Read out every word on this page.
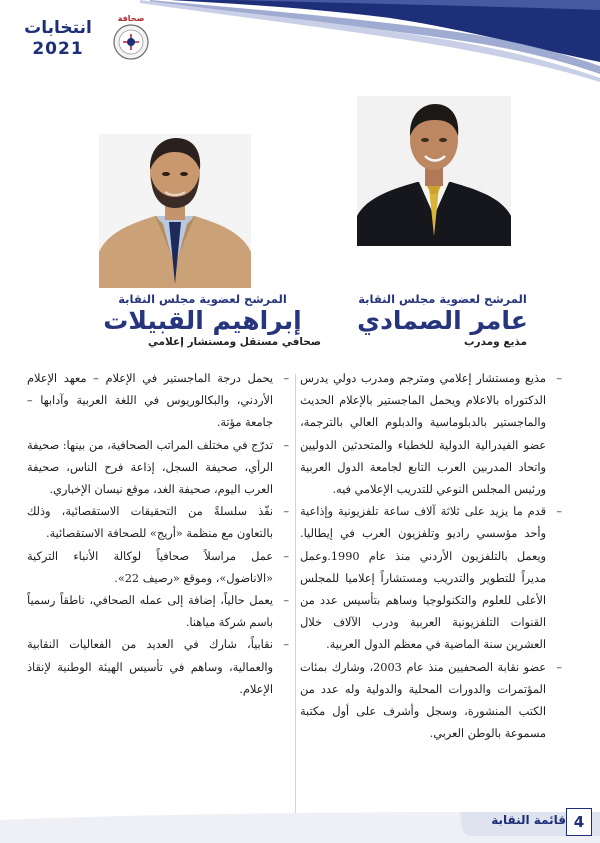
انتخابات
2021
صحافة
المرشح لعضوية مجلس النقابة
عامر الصمادي
مذيع ومدرب
المرشح لعضوية مجلس النقابة
إبراهيم القبيلات
صحافي مستقل ومستشار إعلامي

– مذيع ومستشار إعلامي ومترجم ومدرب دولي يدرس الدكتوراه بالاعلام ويحمل الماجستير بالإعلام الحديث والماجستير بالدبلوماسية والدبلوم العالي بالترجمة، عضو الفيدرالية الدولية للخطباء والمتحدثين الدوليين واتحاد المدربين العرب التابع لجامعة الدول العربية ورئيس المجلس النوعي للتدريب الإعلامي فيه.

– قدم ما يزيد على ثلاثة آلاف ساعة تلفزيونية وإذاعية وأحد مؤسسي راديو وتلفزيون العرب في إيطاليا. ويعمل بالتلفزيون الأردني منذ عام 1990.وعمل مديراً للتطوير والتدريب ومستشاراً إعلاميا للمجلس الأعلى للعلوم والتكنولوجيا وساهم بتأسيس عدد من القنوات التلفزيونية العربية ودرب الآلاف خلال العشرين سنة الماضية في معظم الدول العربية.

– عضو نقابة الصحفيين منذ عام 2003، وشارك بمئات المؤتمرات والدورات المحلية والدولية وله عدد من الكتب المنشورة، وسجل وأشرف على أول مكتبة مسموعة بالوطن العربي.

– يحمل درجة الماجستير في الإعلام – معهد الإعلام الأردني، والبكالوريوس في اللغة العربية وآدابها – جامعة مؤتة.

– تدرّج في مختلف المراتب الصحافية، من بينها: صحيفة الرأي، صحيفة السجل، إذاعة فرح الناس، صحيفة العرب اليوم، صحيفة الغد، موقع نيسان الإخباري.

– نفّذ سلسلةً من التحقيقات الاستقصائية، وذلك بالتعاون مع منظمة «أريج» للصحافة الاستقصائية.

– عمل مراسلاً صحافياً لوكالة الأنباء التركية «الاناضول»، وموقع «رصيف 22».

– يعمل حالياً، إضافة إلى عمله الصحافي، ناطقاً رسمياً باسم شركة مياهنا.

– نقابياً، شارك في العديد من الفعاليات النقابية والعمالية، وساهم في تأسيس الهيئة الوطنية لإنقاذ الإعلام.

قائمة النقابة 4
